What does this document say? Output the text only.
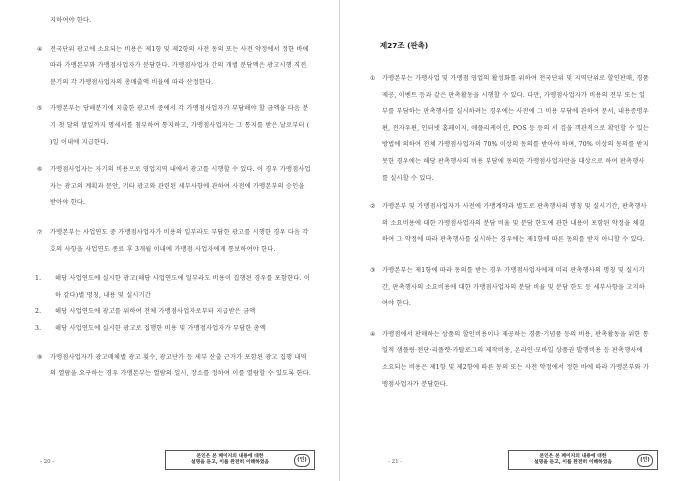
지하여야 한다.

④ 전국단위 광고에 소요되는 비용은 제1항 및 제2항의 사전 동의 또는 사전 약정에서 정한 바에 따라 가맹본부와 가맹점사업자가 분담한다. 가맹점사업자 간의 개별 분담액은 광고시행 직전 분기의 각 가맹점사업자의 총매출액 비율에 따라 산정한다.

⑤ 가맹본부는 당해분기에 지출한 광고비 중에서 각 가맹점사업자가 부담해야 할 금액을 다음 분기 첫 달의 말일까지 명세서를 첨부하여 통지하고, 가맹점사업자는 그 통지를 받은 날로부터 ( )일 이내에 지급한다.

⑥ 가맹점사업자는 자기의 비용으로 영업지역 내에서 광고를 시행할 수 있다. 이 경우 가맹점사업자는 광고의 계획과 문안, 기타 광고와 관련된 세부사항에 관하여 사전에 가맹본부의 승인을 받아야 한다.

⑦ 가맹본부는 사업연도 중 가맹점사업자가 비용의 일부라도 부담한 광고를 시행한 경우 다음 각 호의 사항을 사업연도 종료 후 3개월 이내에 가맹점 사업자에게 통보하여야 한다.

1. 해당 사업연도에 실시한 광고(해당 사업연도에 일부라도 비용이 집행된 경우를 포함한다. 이하 같다)별 명칭, 내용 및 실시기간
2. 해당 사업연도에 광고를 위하여 전체 가맹점사업자로부터 지급받은 금액
3. 해당 사업연도에 실시한 광고로 집행한 비용 및 가맹점사업자가 부담한 총액

⑧ 가맹점사업자가 광고매체별 광고 횟수, 광고단가 등 세부 산출 근거가 포함된 광고 집행 내역의 열람을 요구하는 경우 가맹본부는 열람의 일시, 장소를 정하여 이를 열람할 수 있도록 한다.

- 20 -
본인은 본 페이지의 내용에 대한
설명을 듣고, 이를 완전히 이해하였음	(인)
제27조 (판촉)

① 가맹본부는 가맹사업 및 가맹점 영업의 활성화를 위하여 전국단위 및 지역단위로 할인판매, 경품제공, 이벤트 등과 같은 판촉활동을 시행할 수 있다. 다만, 가맹점사업자가 비용의 전부 또는 일부를 부담하는 판촉행사를 실시하려는 경우에는 사전에 그 비용 부담에 관하여 문서, 내용증명우편, 전자우편, 인터넷 홈페이지, 애플리케이션, POS 등 등의 서 검을 객관적으로 확인할 수 있는 방법에 의하여 전체 가맹점사업자의 70% 이상의 동의를 받아야 하며, 70% 이상의 동의를 받지 못한 경우에는 해당 판촉행사의 비용 부담에 동의한 가맹점사업자만을 대상으로 하여 판촉행사를 실시할 수 있다.

② 가맹본부 및 가맹점사업자가 사전에 가맹계약과 별도로 판촉행사의 명칭 및 실시기간, 판촉행사의 소요비용에 대한 가맹점사업자의 분담 비율 및 분담 한도에 관한 내용이 포함된 약정을 체결하여 그 약정에 따라 판촉행사를 실시하는 경우에는 제1항에 따른 동의를 받지 아니할 수 있다.

③ 가맹본부는 제1항에 따라 동의를 받는 경우 가맹점사업자에게 미리 판촉행사의 명칭 및 실시기간, 판촉행사의 소요비용에 대한 가맹점사업자의 분담 비율 및 분담 한도 등 세부사항을 고지하여야 한다.

④ 가맹점에서 판매하는 상품의 할인비용이나 제공하는 경품·기념품 등의 비용, 판촉활동을 위한 통일적 샘플링·전단·리플렛·카탈로그의 제작비용, 온라인·모바일 상품권 발행비용 등 판촉행사에 소요되는 비용은 제1항 및 제2항에 따른 동의 또는 사전 약정에서 정한 바에 따라 가맹본부와 가맹점사업자가 분담한다.

- 21 -
본인은 본 페이지의 내용에 대한
설명을 듣고, 이를 완전히 이해하였음	(인)
